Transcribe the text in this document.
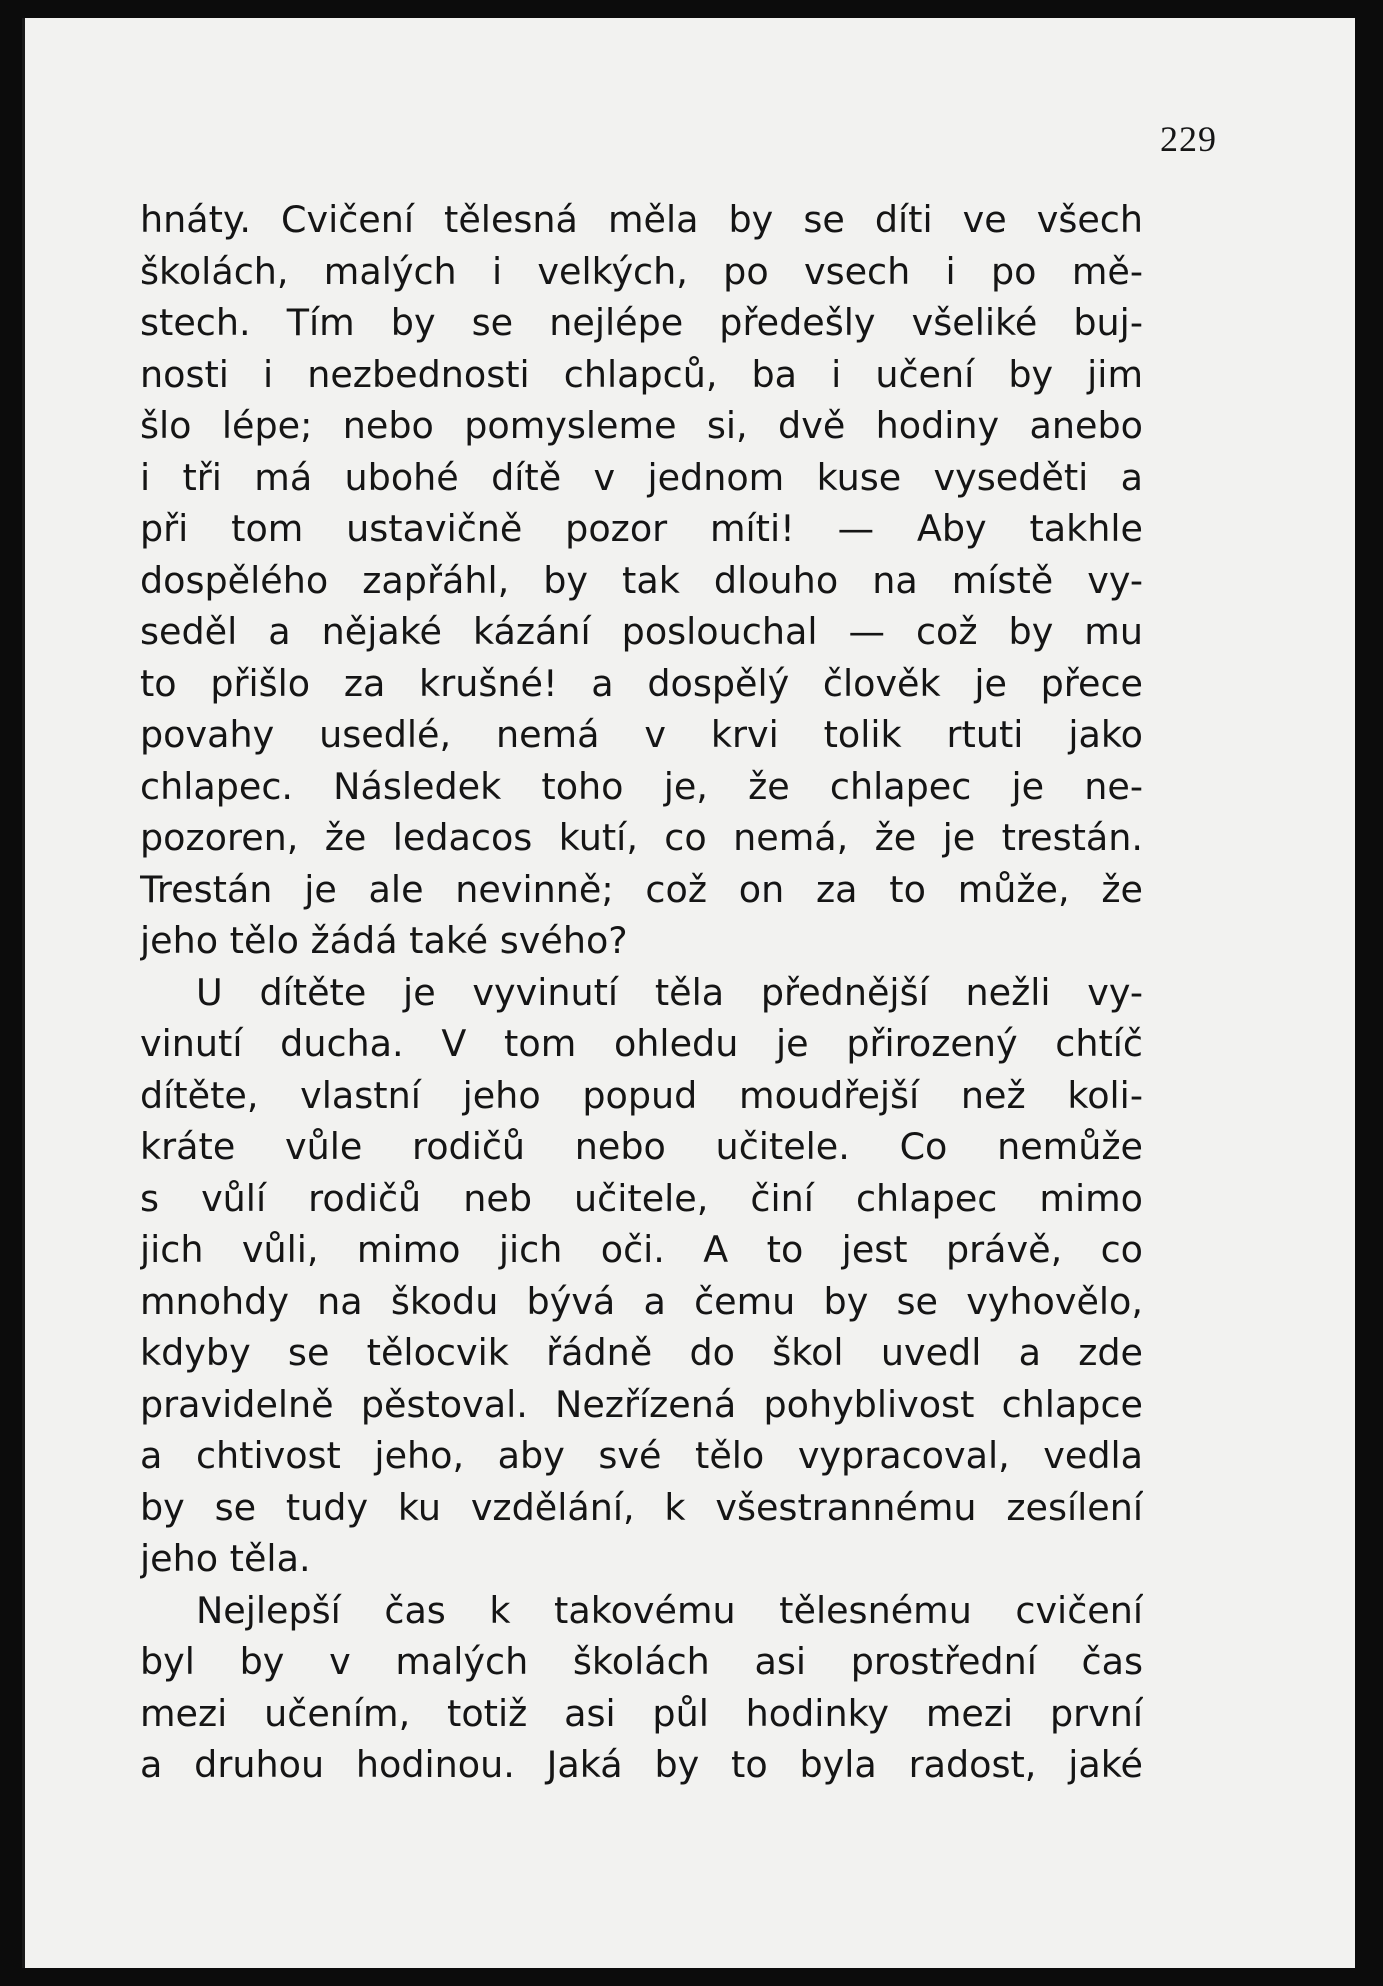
229
hnáty. Cvičení tělesná měla by se díti ve všech
školách, malých i velkých, po vsech i po mě-
stech. Tím by se nejlépe předešly všeliké buj-
nosti i nezbednosti chlapců, ba i učení by jim
šlo lépe; nebo pomysleme si, dvě hodiny anebo
i tři má ubohé dítě v jednom kuse vyseděti a
při tom ustavičně pozor míti! — Aby takhle
dospělého zapřáhl, by tak dlouho na místě vy-
seděl a nějaké kázání poslouchal — což by mu
to přišlo za krušné! a dospělý člověk je přece
povahy usedlé, nemá v krvi tolik rtuti jako
chlapec. Následek toho je, že chlapec je ne-
pozoren, že ledacos kutí, co nemá, že je trestán.
Trestán je ale nevinně; což on za to může, že
jeho tělo žádá také svého?
U dítěte je vyvinutí těla přednější nežli vy-
vinutí ducha. V tom ohledu je přirozený chtíč
dítěte, vlastní jeho popud moudřejší než koli-
kráte vůle rodičů nebo učitele. Co nemůže
s vůlí rodičů neb učitele, činí chlapec mimo
jich vůli, mimo jich oči. A to jest právě, co
mnohdy na škodu bývá a čemu by se vyhovělo,
kdyby se tělocvik řádně do škol uvedl a zde
pravidelně pěstoval. Nezřízená pohyblivost chlapce
a chtivost jeho, aby své tělo vypracoval, vedla
by se tudy ku vzdělání, k všestrannému zesílení
jeho těla.
Nejlepší čas k takovému tělesnému cvičení
byl by v malých školách asi prostřední čas
mezi učením, totiž asi půl hodinky mezi první
a druhou hodinou. Jaká by to byla radost, jaké
